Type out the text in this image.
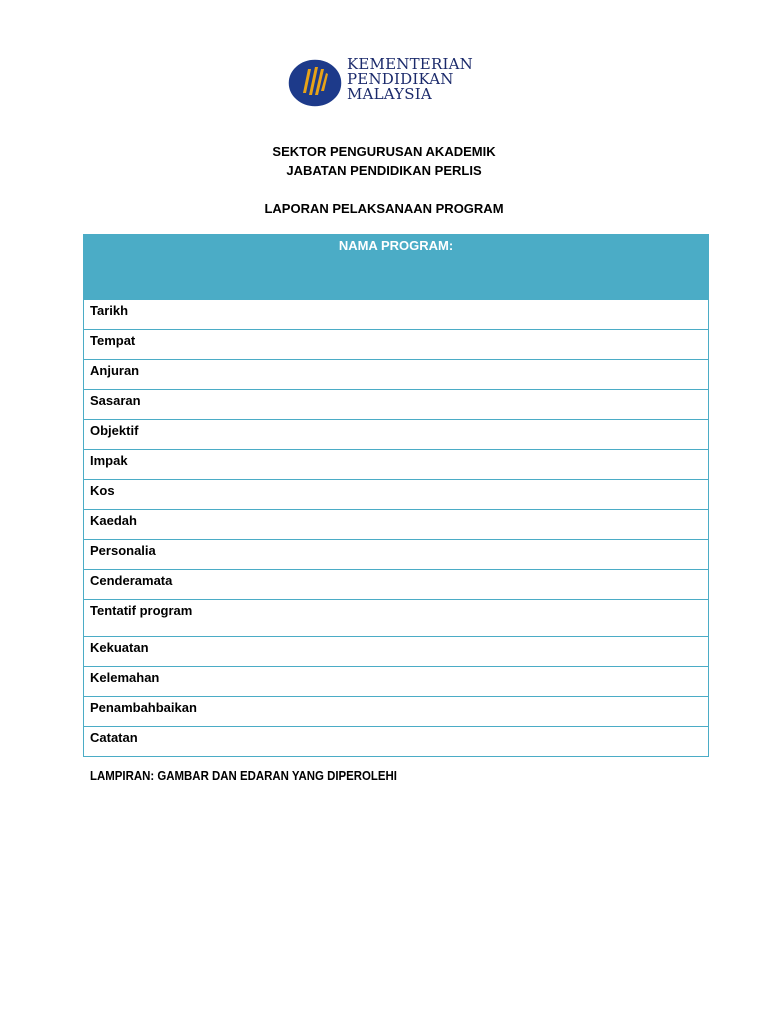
KEMENTERIAN
PENDIDIKAN
MALAYSIA
SEKTOR PENGURUSAN AKADEMIK
JABATAN PENDIDIKAN PERLIS
LAPORAN PELAKSANAAN PROGRAM
NAMA PROGRAM:
Tarikh
Tempat
Anjuran
Sasaran
Objektif
Impak
Kos
Kaedah
Personalia
Cenderamata
Tentatif program
Kekuatan
Kelemahan
Penambahbaikan
Catatan
LAMPIRAN: GAMBAR DAN EDARAN YANG DIPEROLEHI
